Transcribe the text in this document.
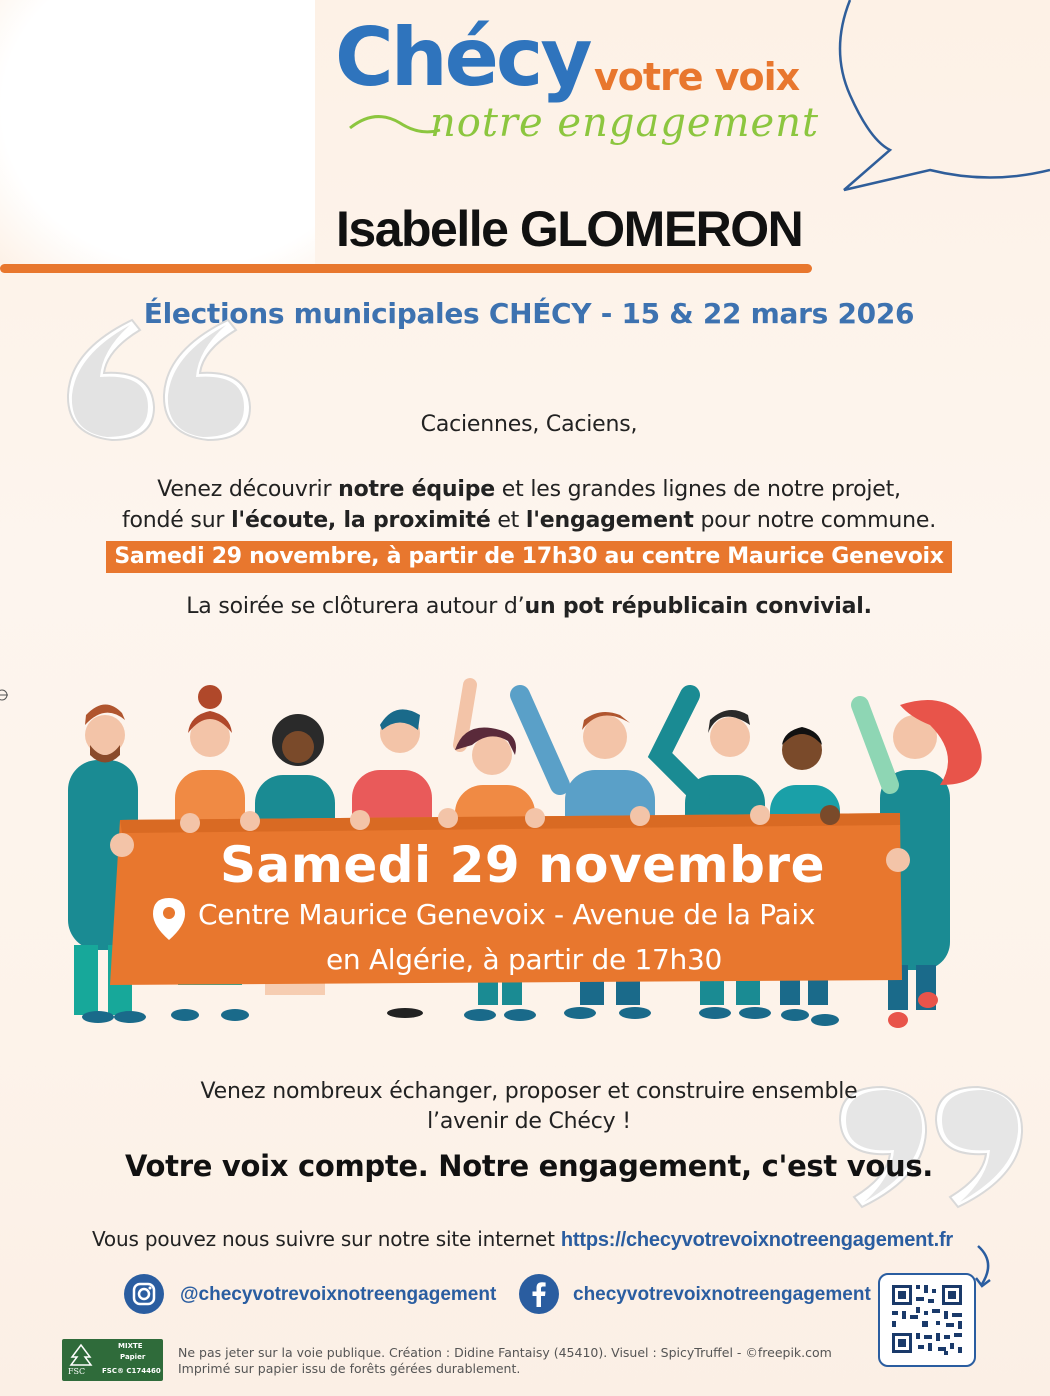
Chécy votre voix
notre engagement
Isabelle GLOMERON
Élections municipales CHÉCY - 15 & 22 mars 2026
Caciennes, Caciens,
Venez découvrir notre équipe et les grandes lignes de notre projet,
fondé sur l'écoute, la proximité et l'engagement pour notre commune.
Samedi 29 novembre, à partir de 17h30 au centre Maurice Genevoix
La soirée se clôturera autour d’un pot républicain convivial.
Samedi 29 novembre
Centre Maurice Genevoix - Avenue de la Paix
en Algérie, à partir de 17h30
Venez nombreux échanger, proposer et construire ensemble
l’avenir de Chécy !
Votre voix compte. Notre engagement, c'est vous.
Vous pouvez nous suivre sur notre site internet https://checyvotrevoixnotreengagement.fr
@checyvotrevoixnotreengagement	checyvotrevoixnotreengagement
MIXTE
Papier
FSC® C174460
FSC
Ne pas jeter sur la voie publique. Création : Didine Fantaisy (45410). Visuel : SpicyTruffel - ©freepik.com
Imprimé sur papier issu de forêts gérées durablement.
